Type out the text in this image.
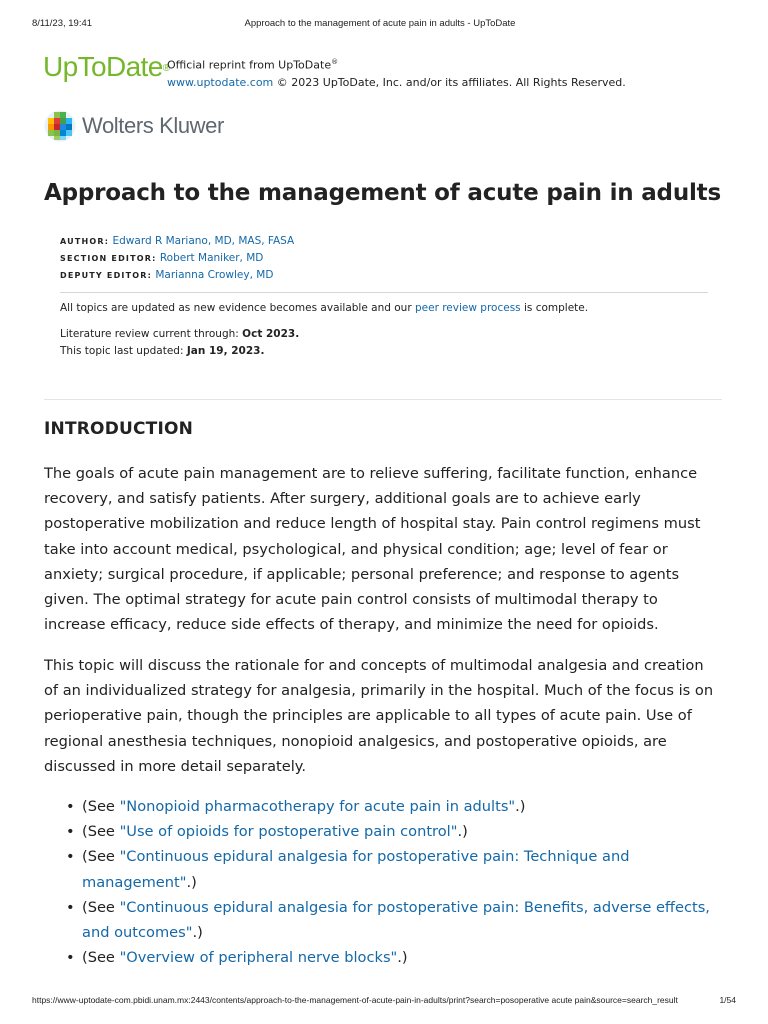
8/11/23, 19:41	Approach to the management of acute pain in adults - UpToDate
UpToDate®
Official reprint from UpToDate®
www.uptodate.com © 2023 UpToDate, Inc. and/or its affiliates. All Rights Reserved.
Wolters Kluwer
Approach to the management of acute pain in adults
AUTHOR: Edward R Mariano, MD, MAS, FASA
SECTION EDITOR: Robert Maniker, MD
DEPUTY EDITOR: Marianna Crowley, MD
All topics are updated as new evidence becomes available and our peer review process is complete.
Literature review current through: Oct 2023.
This topic last updated: Jan 19, 2023.
INTRODUCTION

The goals of acute pain management are to relieve suffering, facilitate function, enhance recovery, and satisfy patients. After surgery, additional goals are to achieve early postoperative mobilization and reduce length of hospital stay. Pain control regimens must take into account medical, psychological, and physical condition; age; level of fear or anxiety; surgical procedure, if applicable; personal preference; and response to agents given. The optimal strategy for acute pain control consists of multimodal therapy to increase efficacy, reduce side effects of therapy, and minimize the need for opioids.

This topic will discuss the rationale for and concepts of multimodal analgesia and creation of an individualized strategy for analgesia, primarily in the hospital. Much of the focus is on perioperative pain, though the principles are applicable to all types of acute pain. Use of regional anesthesia techniques, nonopioid analgesics, and postoperative opioids, are discussed in more detail separately.

• (See "Nonopioid pharmacotherapy for acute pain in adults".)
• (See "Use of opioids for postoperative pain control".)
• (See "Continuous epidural analgesia for postoperative pain: Technique and management".)
• (See "Continuous epidural analgesia for postoperative pain: Benefits, adverse effects, and outcomes".)
• (See "Overview of peripheral nerve blocks".)
https://www-uptodate-com.pbidi.unam.mx:2443/contents/approach-to-the-management-of-acute-pain-in-adults/print?search=posoperative acute pain&source=search_result	1/54
